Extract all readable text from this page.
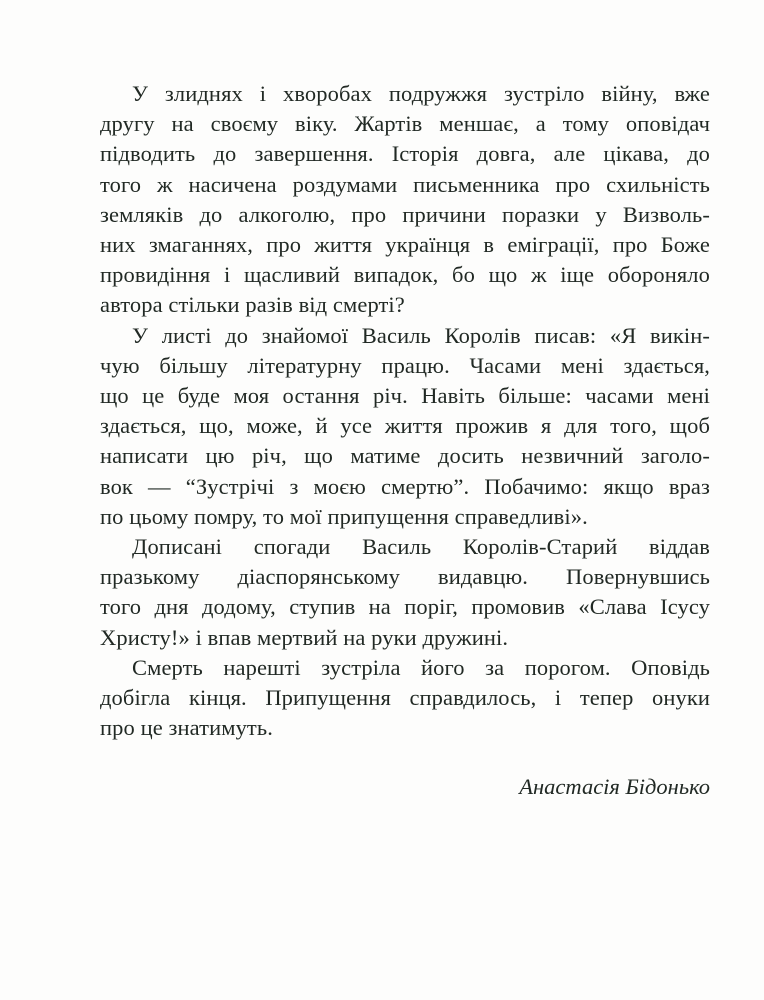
У злиднях і хворобах подружжя зустріло війну, вже
другу на своєму віку. Жартів меншає, а тому оповідач
підводить до завершення. Історія довга, але цікава, до
того ж насичена роздумами письменника про схильність
земляків до алкоголю, про причини поразки у Визволь-
них змаганнях, про життя українця в еміграції, про Боже
провидіння і щасливий випадок, бо що ж іще обороняло
автора стільки разів від смерті?
У листі до знайомої Василь Королів писав: «Я викін-
чую більшу літературну працю. Часами мені здається,
що це буде моя остання річ. Навіть більше: часами мені
здається, що, може, й усе життя прожив я для того, щоб
написати цю річ, що матиме досить незвичний заголо-
вок — “Зустрічі з моєю смертю”. Побачимо: якщо враз
по цьому помру, то мої припущення справедливі».
Дописані спогади Василь Королів-Старий віддав
празькому діаспорянському видавцю. Повернувшись
того дня додому, ступив на поріг, промовив «Слава Ісусу
Христу!» і впав мертвий на руки дружині.
Смерть нарешті зустріла його за порогом. Оповідь
добігла кінця. Припущення справдилось, і тепер онуки
про це знатимуть.
Анастасія Бідонько
